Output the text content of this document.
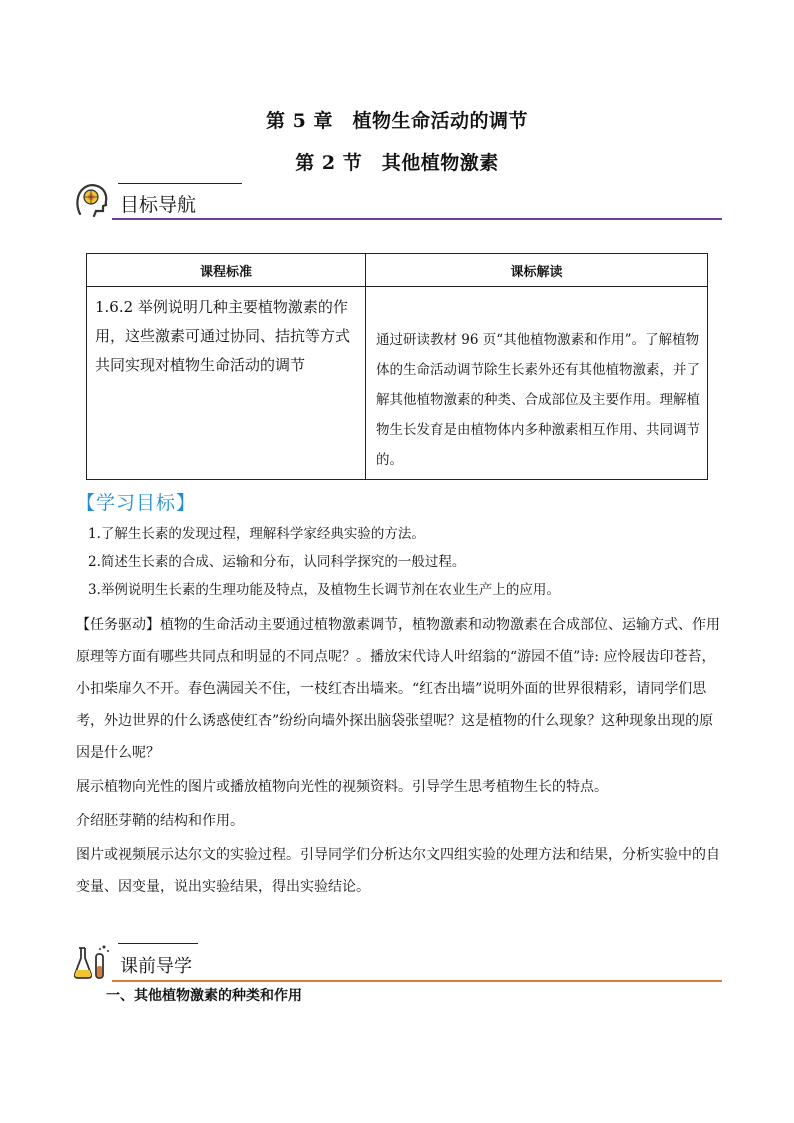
第 5 章　植物生命活动的调节
第 2 节　其他植物激素
目标导航
课程标准	课标解读
1.6.2 举例说明几种主要植物激素的作用，这些激素可通过协同、拮抗等方式共同实现对植物生命活动的调节	通过研读教材 96 页“其他植物激素和作用”。了解植物体的生命活动调节除生长素外还有其他植物激素，并了解其他植物激素的种类、合成部位及主要作用。理解植物生长发育是由植物体内多种激素相互作用、共同调节的。
【学习目标】
1.了解生长素的发现过程，理解科学家经典实验的方法。
2.简述生长素的合成、运输和分布，认同科学探究的一般过程。
3.举例说明生长素的生理功能及特点，及植物生长调节剂在农业生产上的应用。

【任务驱动】植物的生命活动主要通过植物激素调节，植物激素和动物激素在合成部位、运输方式、作用原理等方面有哪些共同点和明显的不同点呢？。播放宋代诗人叶绍翁的“游园不值”诗: 应怜屐齿印苍苔，小扣柴扉久不开。春色满园关不住，一枝红杏出墙来。“红杏出墙”说明外面的世界很精彩，请同学们思考，外边世界的什么诱惑使红杏”纷纷向墙外探出脑袋张望呢？这是植物的什么现象？这种现象出现的原因是什么呢？

展示植物向光性的图片或播放植物向光性的视频资料。引导学生思考植物生长的特点。

介绍胚芽鞘的结构和作用。

图片或视频展示达尔文的实验过程。引导同学们分析达尔文四组实验的处理方法和结果，分析实验中的自变量、因变量，说出实验结果，得出实验结论。

课前导学
一、其他植物激素的种类和作用
